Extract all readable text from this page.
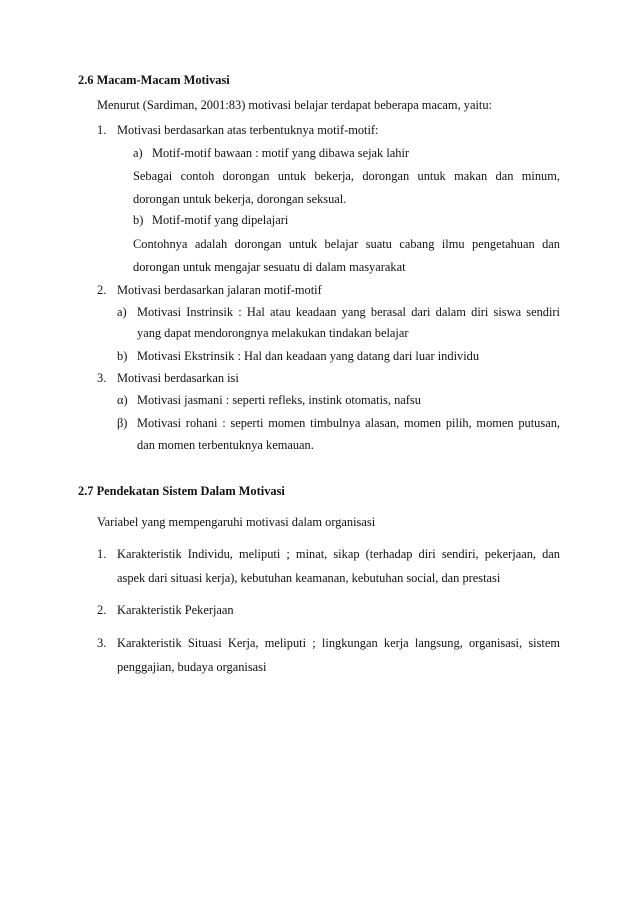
2.6 Macam-Macam Motivasi
Menurut (Sardiman, 2001:83) motivasi belajar terdapat beberapa macam, yaitu:
1. Motivasi berdasarkan atas terbentuknya motif-motif:
a) Motif-motif bawaan : motif yang dibawa sejak lahir
Sebagai contoh dorongan untuk bekerja, dorongan untuk makan dan minum,
dorongan untuk bekerja, dorongan seksual.
b) Motif-motif yang dipelajari
Contohnya adalah dorongan untuk belajar suatu cabang ilmu pengetahuan dan
dorongan untuk mengajar sesuatu di dalam masyarakat
2. Motivasi berdasarkan jalaran motif-motif
a) Motivasi Instrinsik : Hal atau keadaan yang berasal dari dalam diri siswa sendiri
yang dapat mendorongnya melakukan tindakan belajar
b) Motivasi Ekstrinsik : Hal dan keadaan yang datang dari luar individu
3. Motivasi berdasarkan isi
α) Motivasi jasmani : seperti refleks, instink otomatis, nafsu
β) Motivasi rohani : seperti momen timbulnya alasan, momen pilih, momen putusan,
dan momen terbentuknya kemauan.
2.7 Pendekatan Sistem Dalam Motivasi
Variabel yang mempengaruhi motivasi dalam organisasi
1. Karakteristik Individu, meliputi ; minat, sikap (terhadap diri sendiri, pekerjaan, dan
aspek dari situasi kerja), kebutuhan keamanan, kebutuhan social, dan prestasi
2. Karakteristik Pekerjaan
3. Karakteristik Situasi Kerja, meliputi ; lingkungan kerja langsung, organisasi, sistem
penggajian, budaya organisasi
